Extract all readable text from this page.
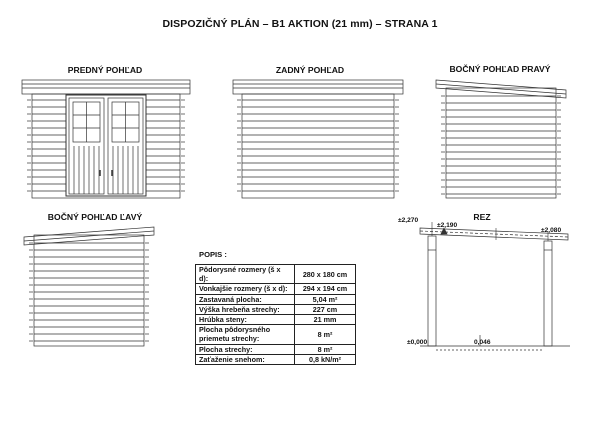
DISPOZIČNÝ PLÁN – B1 AKTION (21 mm) – STRANA 1
PREDNÝ POHĽAD	ZADNÝ POHĽAD	BOČNÝ POHĽAD PRAVÝ
BOČNÝ POHĽAD ĽAVÝ	REZ
±2,270
±2,190
±2,080
±0,000	0,046
POPIS :
Pôdorysné rozmery (š x d):	280 x 180 cm
Vonkajšie rozmery (š x d):	294 x 194 cm
Zastavaná plocha:	5,04 m²
Výška hrebeňa strechy:	227 cm
Hrúbka steny:	21 mm
Plocha pôdorysného priemetu strechy:	8 m²
Plocha strechy:	8 m²
Zaťaženie snehom:	0,8 kN/m²
